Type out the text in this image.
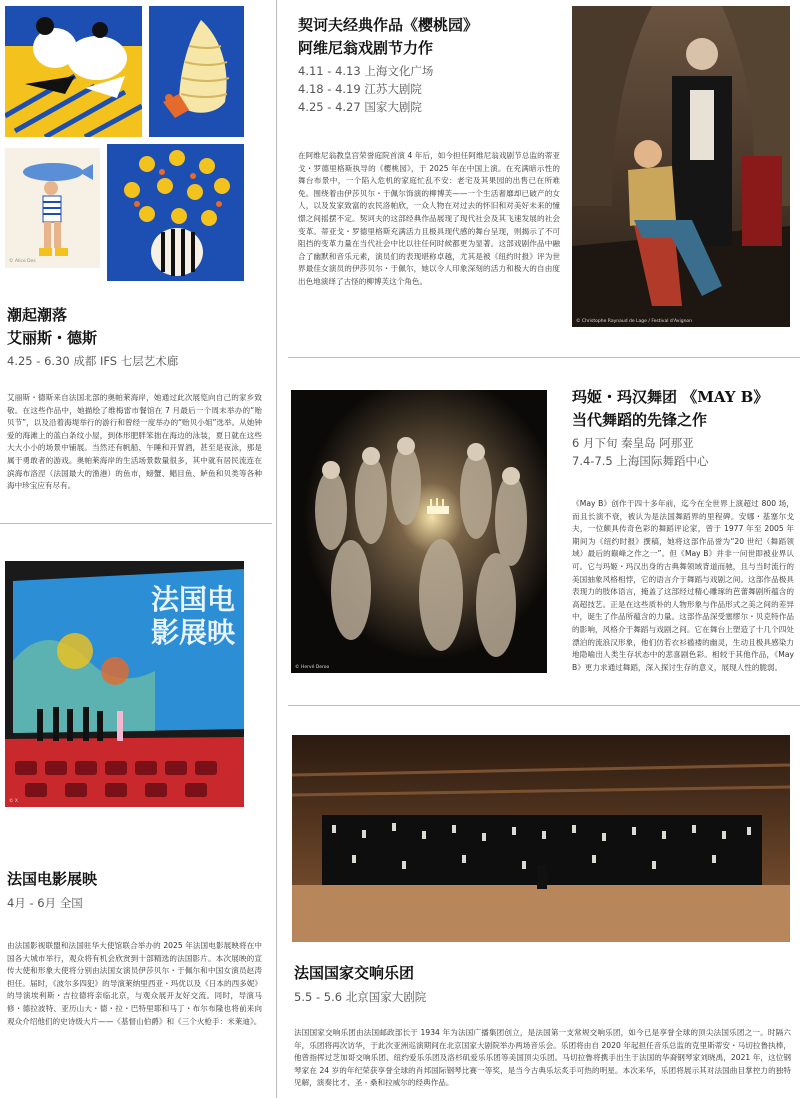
© Alice Des
潮起潮落
艾丽斯・德斯
4.25 - 6.30 成都 IFS 七层艺术廊
艾丽斯・德斯来自法国北部的奥帕莱海岸，她通过此次展览向自己的家乡致敬。在这些作品中，她描绘了维梅雷市餐馆在 7 月最后一个周末举办的“贻贝节”，以及沿着海堤举行的游行和曾经一度举办的“贻贝小姐”选举。从她钟爱的海滩上的蓝白条纹小屋，到体形肥胖笨拙在海边的泳装，夏日就在这些大大小小的场景中铺展。当然还有帆船、午睡和开胃酒，甚至是夜泳，那是属于勇敢者的游戏。奥帕莱海岸的生活场景数量很多，其中就有居民流连在滨海布洛涅（法国最大的渔港）的鱼市，螃蟹、鲳目鱼、鲈鱼和贝类等各种海中珍宝应有尽有。
法国电影展映
© X
法国电影展映
4月 - 6月 全国
由法国影视联盟和法国驻华大使馆联合举办的 2025 年法国电影展映将在中国各大城市举行，观众将有机会欣赏到十部精选的法国影片。本次展映的宣传大使和形象大使将分别由法国女演员伊莎贝尔・于佩尔和中国女演员赵涛担任。届时，《波尔多四犯》的导演莱纳里西亚・玛优以及《日本的西多妮》的导演埃利斯・吉拉德将亲临北京，与观众展开友好交流。同时，导演马修・德拉波特、亚历山大・德・拉・巴特里耶和马丁・布尔布隆也将前来向观众介绍他们的史诗级大片——《基督山伯爵》和《三个火枪手：米莱迪》。
契诃夫经典作品《樱桃园》
阿维尼翁戏剧节力作
4.11 - 4.13 上海文化广场
4.18 - 4.19 江苏大剧院
4.25 - 4.27 国家大剧院
在阿维尼翁教皇宫荣誉庭院首演 4 年后，如今担任阿维尼翁戏剧节总监的蒂亚戈・罗德里格斯执导的《樱桃园》，于 2025 年在中国上演。在充满暗示性的舞台布景中，一个陷入危机的家庭忙乱不安：老宅及其果园的出售已在所难免。围绕着由伊莎贝尔・于佩尔饰演的柳博芙——一个生活奢靡却已破产的女人，以及发家致富的农民洛帕欣，一众人物在对过去的怀旧和对美好未来的憧憬之间摇摆不定。契诃夫的这部经典作品展现了现代社会及其飞速发展的社会变革。蒂亚戈・罗德里格斯充满活力且极具现代感的舞台呈现，则揭示了不可阻挡的变革力量在当代社会中比以往任何时候都更为显著。这部戏剧作品中融合了幽默和音乐元素，演员们的表现堪称卓越，尤其是被《纽约时报》评为世界最佳女演员的伊莎贝尔・于佩尔，她以令人印象深刻的活力和极大的自由度出色地演绎了古怪的柳博芙这个角色。
© Christophe Raynaud de Lage / Festival d'Avignon
© Hervé Deroo
玛姬・玛汉舞团 《MAY B》
当代舞蹈的先锋之作
6 月下旬 秦皇岛 阿那亚
7.4-7.5 上海国际舞蹈中心
《May B》创作于四十多年前，迄今在全世界上演超过 800 场，而且长演不衰，被认为是法国舞蹈界的里程碑。安娜・基塞尔戈夫，一位颇具传奇色彩的舞蹈评论家，曾于 1977 年至 2005 年期间为《纽约时报》撰稿，她将这部作品誉为“20 世纪（舞蹈领域）最后的巅峰之作之一”。但《May B》并非一问世即被业界认可。它与玛姬・玛汉出身的古典舞领域背道而驰，且与当时流行的美国抽象风格相悖，它的语言介于舞蹈与戏剧之间。这部作品极具表现力的肢体语言，掩盖了这部经过精心雕琢的芭蕾舞剧所蕴含的高超技艺。正是在这些质朴的人物形象与作品形式之美之间的差异中，诞生了作品所蕴含的力量。这部作品深受塞缪尔・贝克特作品的影响，风格介于舞蹈与戏剧之间。它在舞台上塑造了十几个四处漂泊的流浪汉形象，他们仿若衣衫褴褛的幽灵，生动且极具感染力地隐喻出人类生存状态中的悲喜剧色彩。相较于其他作品，《May B》更力求通过舞蹈，深入探讨生存的意义，展现人性的脆弱。
法国国家交响乐团
5.5 - 5.6 北京国家大剧院
法国国家交响乐团由法国邮政部长于 1934 年为法国广播集团创立，是法国第一支常规交响乐团，如今已是享誉全球的顶尖法国乐团之一。时隔六年，乐团将再次访华，于此次亚洲巡演期间在北京国家大剧院举办两场音乐会。乐团将由自 2020 年起担任音乐总监的克里斯蒂安・马切拉鲁执棒，他曾指挥过芝加哥交响乐团、纽约爱乐乐团及洛杉矶爱乐乐团等美国顶尖乐团。马切拉鲁将携手出生于法国的华裔钢琴家刘晓禹，2021 年，这位钢琴家在 24 岁的年纪荣获享誉全球的肖邦国际钢琴比赛一等奖，是当今古典乐坛炙手可热的明星。本次来华，乐团将展示其对法国曲目掌控力的独特见解，演奏比才、圣 - 桑和拉威尔的经典作品。
